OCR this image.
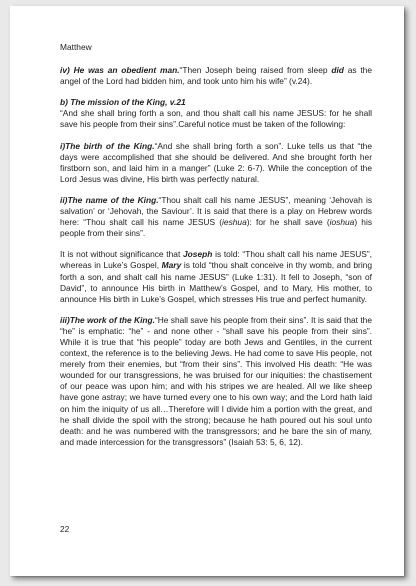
Matthew

iv) He was an obedient man.“Then Joseph being raised from sleep did as the angel of the Lord had bidden him, and took unto him his wife” (v.24).

b) The mission of the King, v.21

“And she shall bring forth a son, and thou shalt call his name JESUS: for he shall save his people from their sins”.Careful notice must be taken of the following:

i)The birth of the King.“And she shall bring forth a son”. Luke tells us that “the days were accomplished that she should be delivered. And she brought forth her firstborn son, and laid him in a manger” (Luke 2: 6-7). While the conception of the Lord Jesus was divine, His birth was perfectly natural.

ii)The name of the King.“Thou shalt call his name JESUS”, meaning ‘Jehovah is salvation’ or ‘Jehovah, the Saviour’. It is said that there is a play on Hebrew words here: “Thou shalt call his name JESUS (ieshua): for he shall save (ioshua) his people from their sins”.

It is not without significance that Joseph is told: “Thou shalt call his name JESUS”, whereas in Luke’s Gospel, Mary is told “thou shalt conceive in thy womb, and bring forth a son, and shalt call his name JESUS” (Luke 1:31). It fell to Joseph, “son of David”, to announce His birth in Matthew’s Gospel, and to Mary, His mother, to announce His birth in Luke’s Gospel, which stresses His true and perfect humanity.

iii)The work of the King.“He shall save his people from their sins”. It is said that the “he” is emphatic: “he” - and none other - “shall save his people from their sins”. While it is true that “his people” today are both Jews and Gentiles, in the current context, the reference is to the believing Jews. He had come to save His people, not merely from their enemies, but “from their sins”. This involved His death: “He was wounded for our transgressions, he was bruised for our iniquities: the chastisement of our peace was upon him; and with his stripes we are healed. All we like sheep have gone astray; we have turned every one to his own way; and the Lord hath laid on him the iniquity of us all…Therefore will I divide him a portion with the great, and he shall divide the spoil with the strong; because he hath poured out his soul unto death: and he was numbered with the transgressors; and he bare the sin of many, and made intercession for the transgressors” (Isaiah 53: 5, 6, 12).

22
